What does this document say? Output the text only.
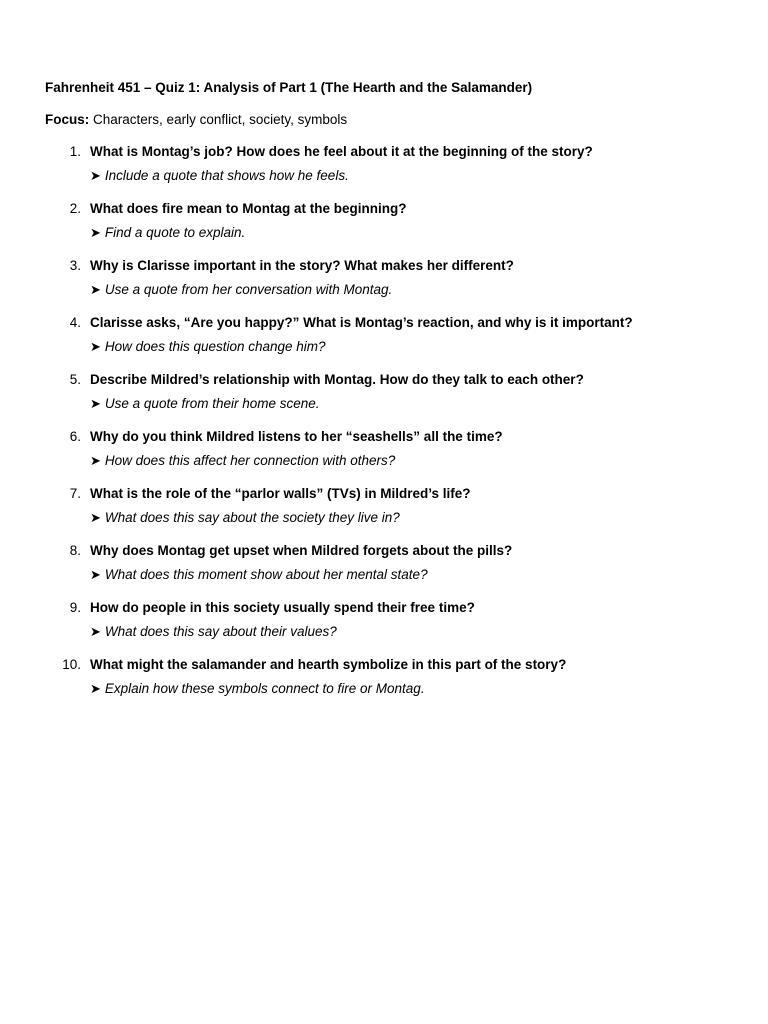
Fahrenheit 451 – Quiz 1: Analysis of Part 1 (The Hearth and the Salamander)
Focus: Characters, early conflict, society, symbols
1. What is Montag’s job? How does he feel about it at the beginning of the story?
➤ Include a quote that shows how he feels.
2. What does fire mean to Montag at the beginning?
➤ Find a quote to explain.
3. Why is Clarisse important in the story? What makes her different?
➤ Use a quote from her conversation with Montag.
4. Clarisse asks, “Are you happy?” What is Montag’s reaction, and why is it important?
➤ How does this question change him?
5. Describe Mildred’s relationship with Montag. How do they talk to each other?
➤ Use a quote from their home scene.
6. Why do you think Mildred listens to her “seashells” all the time?
➤ How does this affect her connection with others?
7. What is the role of the “parlor walls” (TVs) in Mildred’s life?
➤ What does this say about the society they live in?
8. Why does Montag get upset when Mildred forgets about the pills?
➤ What does this moment show about her mental state?
9. How do people in this society usually spend their free time?
➤ What does this say about their values?
10. What might the salamander and hearth symbolize in this part of the story?
➤ Explain how these symbols connect to fire or Montag.
